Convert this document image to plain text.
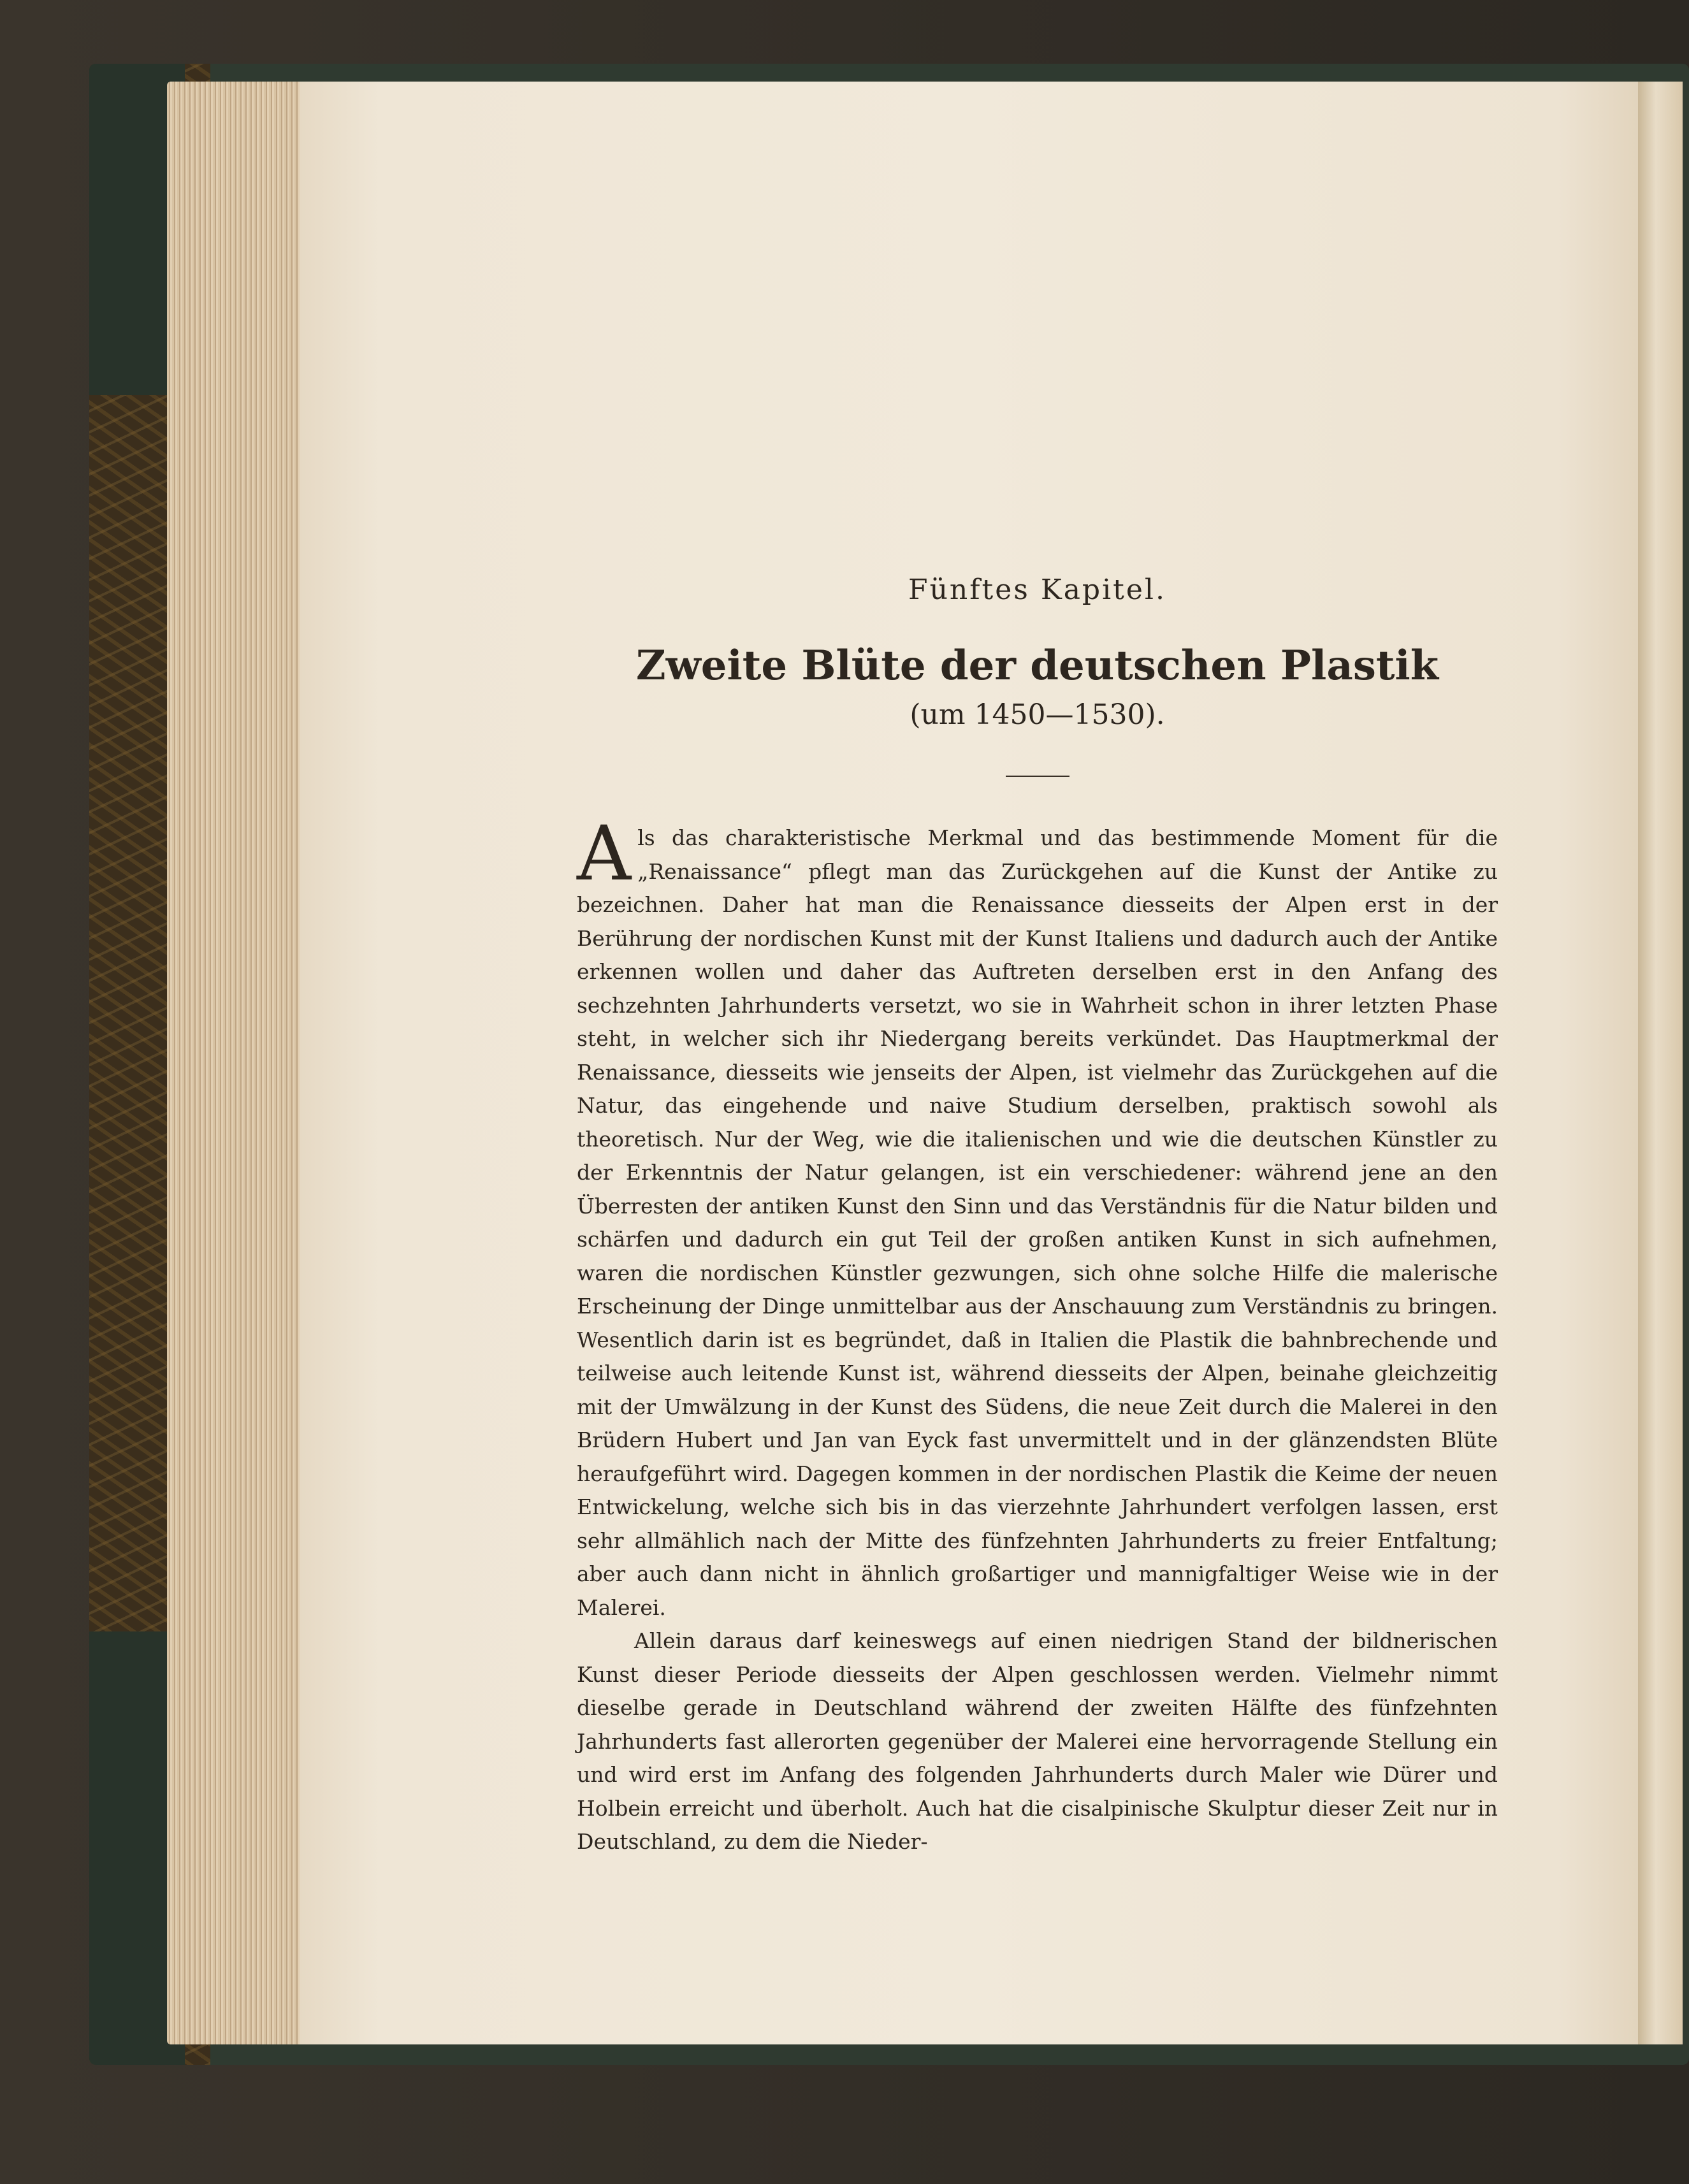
Fünftes Kapitel.

Zweite Blüte der deutschen Plastik

(um 1450—1530).

Als das charakteristische Merkmal und das bestimmende Moment für die „Renaissance“ pflegt man das Zurückgehen auf die Kunst der Antike zu bezeichnen. Daher hat man die Renaissance diesseits der Alpen erst in der Berührung der nordischen Kunst mit der Kunst Italiens und dadurch auch der Antike erkennen wollen und daher das Auftreten derselben erst in den Anfang des sechzehnten Jahrhunderts versetzt, wo sie in Wahrheit schon in ihrer letzten Phase steht, in welcher sich ihr Niedergang bereits verkündet. Das Hauptmerkmal der Renaissance, diesseits wie jenseits der Alpen, ist vielmehr das Zurückgehen auf die Natur, das eingehende und naive Studium derselben, praktisch sowohl als theoretisch. Nur der Weg, wie die italienischen und wie die deutschen Künstler zu der Erkenntnis der Natur gelangen, ist ein verschiedener: während jene an den Überresten der antiken Kunst den Sinn und das Verständnis für die Natur bilden und schärfen und dadurch ein gut Teil der großen antiken Kunst in sich aufnehmen, waren die nordischen Künstler gezwungen, sich ohne solche Hilfe die malerische Erscheinung der Dinge unmittelbar aus der Anschauung zum Verständnis zu bringen. Wesentlich darin ist es begründet, daß in Italien die Plastik die bahnbrechende und teilweise auch leitende Kunst ist, während diesseits der Alpen, beinahe gleichzeitig mit der Umwälzung in der Kunst des Südens, die neue Zeit durch die Malerei in den Brüdern Hubert und Jan van Eyck fast unvermittelt und in der glänzendsten Blüte heraufgeführt wird. Dagegen kommen in der nordischen Plastik die Keime der neuen Entwickelung, welche sich bis in das vierzehnte Jahrhundert verfolgen lassen, erst sehr allmählich nach der Mitte des fünfzehnten Jahrhunderts zu freier Entfaltung; aber auch dann nicht in ähnlich großartiger und mannigfaltiger Weise wie in der Malerei.

Allein daraus darf keineswegs auf einen niedrigen Stand der bildnerischen Kunst dieser Periode diesseits der Alpen geschlossen werden. Vielmehr nimmt dieselbe gerade in Deutschland während der zweiten Hälfte des fünfzehnten Jahrhunderts fast allerorten gegenüber der Malerei eine hervorragende Stellung ein und wird erst im Anfang des folgenden Jahrhunderts durch Maler wie Dürer und Holbein erreicht und überholt. Auch hat die cisalpinische Skulptur dieser Zeit nur in Deutschland, zu dem die Nieder-
